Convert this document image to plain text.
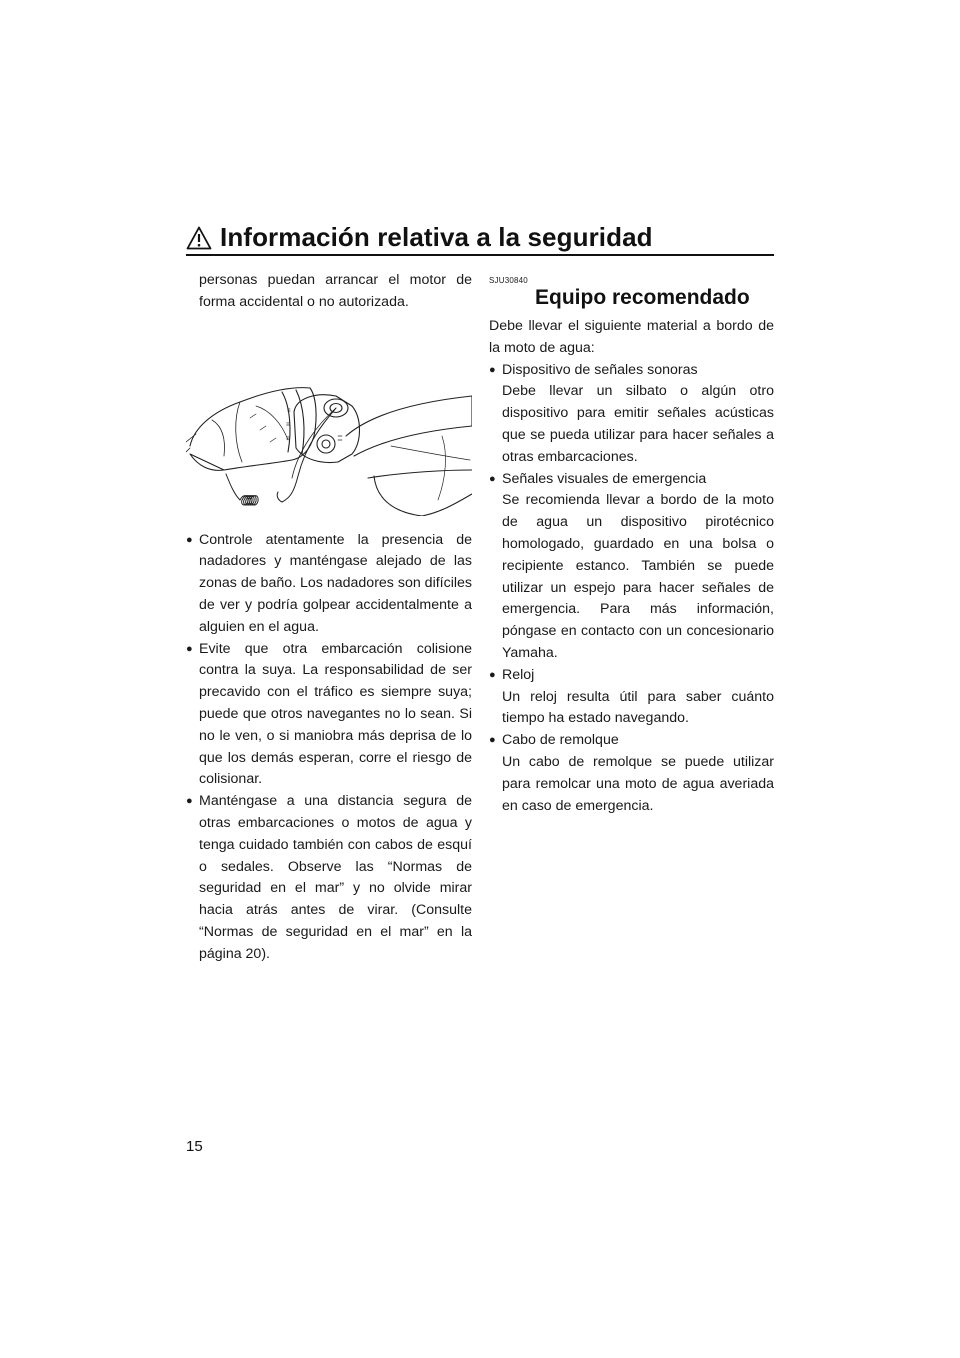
Información relativa a la seguridad

personas puedan arrancar el motor de forma accidental o no autorizada.

≡
≡
≡

● Controle atentamente la presencia de nadadores y manténgase alejado de las zonas de baño. Los nadadores son difíciles de ver y podría golpear accidentalmente a alguien en el agua.

● Evite que otra embarcación colisione contra la suya. La responsabilidad de ser precavido con el tráfico es siempre suya; puede que otros navegantes no lo sean. Si no le ven, o si maniobra más deprisa de lo que los demás esperan, corre el riesgo de colisionar.

● Manténgase a una distancia segura de otras embarcaciones o motos de agua y tenga cuidado también con cabos de esquí o sedales. Observe las “Normas de seguridad en el mar” y no olvide mirar hacia atrás antes de virar. (Consulte “Normas de seguridad en el mar” en la página 20).

SJU30840
Equipo recomendado

Debe llevar el siguiente material a bordo de la moto de agua:

● Dispositivo de señales sonoras

Debe llevar un silbato o algún otro dispositivo para emitir señales acústicas que se pueda utilizar para hacer señales a otras embarcaciones.

● Señales visuales de emergencia

Se recomienda llevar a bordo de la moto de agua un dispositivo pirotécnico homologado, guardado en una bolsa o recipiente estanco. También se puede utilizar un espejo para hacer señales de emergencia. Para más información, póngase en contacto con un concesionario Yamaha.

● Reloj

Un reloj resulta útil para saber cuánto tiempo ha estado navegando.

● Cabo de remolque

Un cabo de remolque se puede utilizar para remolcar una moto de agua averiada en caso de emergencia.

15
